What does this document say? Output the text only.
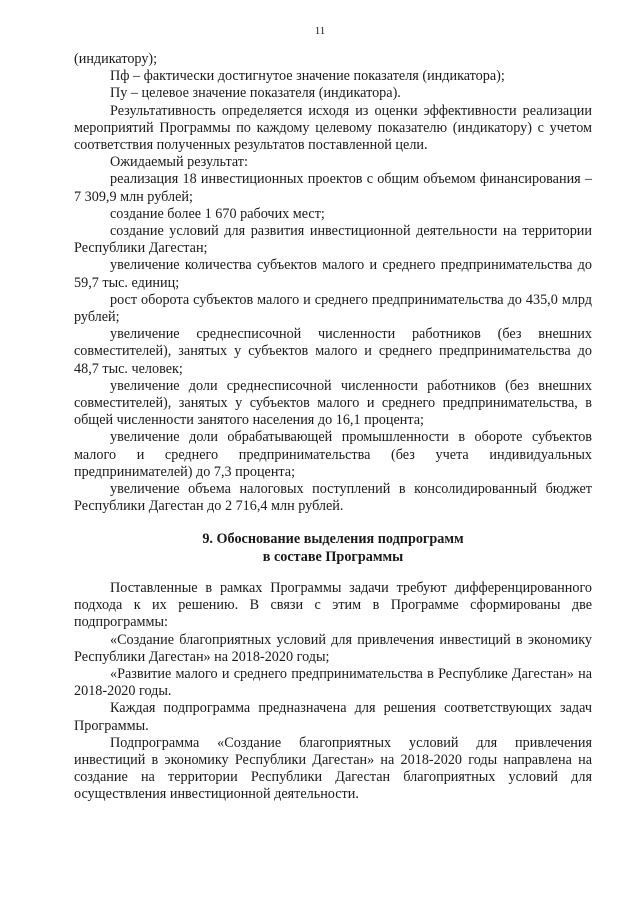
11

(индикатору);

Пф – фактически достигнутое значение показателя (индикатора);

Пу – целевое значение показателя (индикатора).

Результативность определяется исходя из оценки эффективности реализации мероприятий Программы по каждому целевому показателю (индикатору) с учетом соответствия полученных результатов поставленной цели.

Ожидаемый результат:

реализация 18 инвестиционных проектов с общим объемом финансирования – 7 309,9 млн рублей;

создание более 1 670 рабочих мест;

создание условий для развития инвестиционной деятельности на территории Республики Дагестан;

увеличение количества субъектов малого и среднего предпринимательства до 59,7 тыс. единиц;

рост оборота субъектов малого и среднего предпринимательства до 435,0 млрд рублей;

увеличение среднесписочной численности работников (без внешних совместителей), занятых у субъектов малого и среднего предпринимательства до 48,7 тыс. человек;

увеличение доли среднесписочной численности работников (без внешних совместителей), занятых у субъектов малого и среднего предпринимательства, в общей численности занятого населения до 16,1 процента;

увеличение доли обрабатывающей промышленности в обороте субъектов малого и среднего предпринимательства (без учета индивидуальных предпринимателей) до 7,3 процента;

увеличение объема налоговых поступлений в консолидированный бюджет Республики Дагестан до 2 716,4 млн рублей.

9. Обоснование выделения подпрограмм
в составе Программы

Поставленные в рамках Программы задачи требуют дифференцированного подхода к их решению. В связи с этим в Программе сформированы две подпрограммы:

«Создание благоприятных условий для привлечения инвестиций в экономику Республики Дагестан» на 2018-2020 годы;

«Развитие малого и среднего предпринимательства в Республике Дагестан» на 2018-2020 годы.

Каждая подпрограмма предназначена для решения соответствующих задач Программы.

Подпрограмма «Создание благоприятных условий для привлечения инвестиций в экономику Республики Дагестан» на 2018-2020 годы направлена на создание на территории Республики Дагестан благоприятных условий для осуществления инвестиционной деятельности.
